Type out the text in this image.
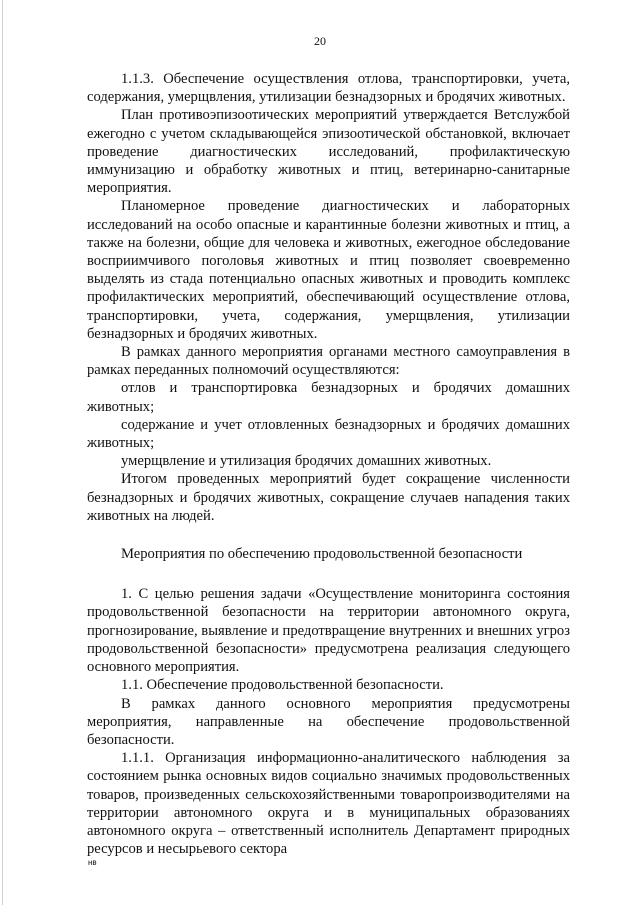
20

1.1.3. Обеспечение осуществления отлова, транспортировки, учета, содержания, умерщвления, утилизации безнадзорных и бродячих животных.

План противоэпизоотических мероприятий утверждается Ветслужбой ежегодно с учетом складывающейся эпизоотической обстановкой, включает проведение диагностических исследований, профилактическую иммунизацию и обработку животных и птиц, ветеринарно-санитарные мероприятия.

Планомерное проведение диагностических и лабораторных исследований на особо опасные и карантинные болезни животных и птиц, а также на болезни, общие для человека и животных, ежегодное обследование восприимчивого поголовья животных и птиц позволяет своевременно выделять из стада потенциально опасных животных и проводить комплекс профилактических мероприятий, обеспечивающий осуществление отлова, транспортировки, учета, содержания, умерщвления, утилизации безнадзорных и бродячих животных.

В рамках данного мероприятия органами местного самоуправления в рамках переданных полномочий осуществляются:

отлов и транспортировка безнадзорных и бродячих домашних животных;

содержание и учет отловленных безнадзорных и бродячих домашних животных;

умерщвление и утилизация бродячих домашних животных.

Итогом проведенных мероприятий будет сокращение численности безнадзорных и бродячих животных, сокращение случаев нападения таких животных на людей.

Мероприятия по обеспечению продовольственной безопасности

1. С целью решения задачи «Осуществление мониторинга состояния продовольственной безопасности на территории автономного округа, прогнозирование, выявление и предотвращение внутренних и внешних угроз продовольственной безопасности» предусмотрена реализация следующего основного мероприятия.

1.1. Обеспечение продовольственной безопасности.

В рамках данного основного мероприятия предусмотрены мероприятия, направленные на обеспечение продовольственной безопасности.

1.1.1. Организация информационно-аналитического наблюдения за состоянием рынка основных видов социально значимых продовольственных товаров, произведенных сельскохозяйственными товаропроизводителями на территории автономного округа и в муниципальных образованиях автономного округа – ответственный исполнитель Департамент природных ресурсов и несырьевого сектора

нв
